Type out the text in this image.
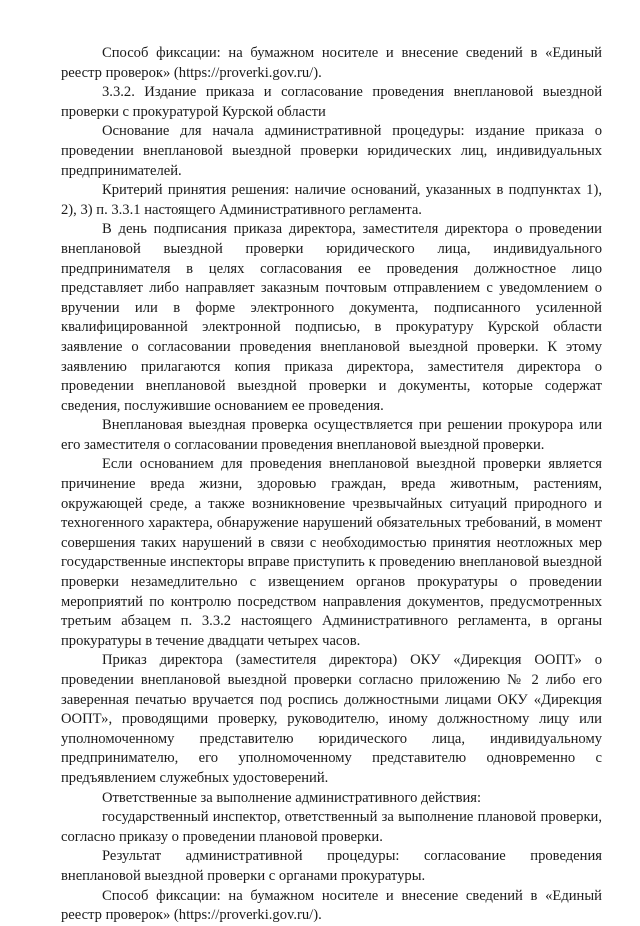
Способ фиксации: на бумажном носителе и внесение сведений в «Единый реестр проверок» (https://proverki.gov.ru/).

3.3.2. Издание приказа и согласование проведения внеплановой выездной проверки с прокуратурой Курской области

Основание для начала административной процедуры: издание приказа о проведении внеплановой выездной проверки юридических лиц, индивидуальных предпринимателей.

Критерий принятия решения: наличие оснований, указанных в подпунктах 1), 2), 3) п. 3.3.1 настоящего Административного регламента.

В день подписания приказа директора, заместителя директора о проведении внеплановой выездной проверки юридического лица, индивидуального предпринимателя в целях согласования ее проведения должностное лицо представляет либо направляет заказным почтовым отправлением с уведомлением о вручении или в форме электронного документа, подписанного усиленной квалифицированной электронной подписью, в прокуратуру Курской области заявление о согласовании проведения внеплановой выездной проверки. К этому заявлению прилагаются копия приказа директора, заместителя директора о проведении внеплановой выездной проверки и документы, которые содержат сведения, послужившие основанием ее проведения.

Внеплановая выездная проверка осуществляется при решении прокурора или его заместителя о согласовании проведения внеплановой выездной проверки.

Если основанием для проведения внеплановой выездной проверки является причинение вреда жизни, здоровью граждан, вреда животным, растениям, окружающей среде, а также возникновение чрезвычайных ситуаций природного и техногенного характера, обнаружение нарушений обязательных требований, в момент совершения таких нарушений в связи с необходимостью принятия неотложных мер государственные инспекторы вправе приступить к проведению внеплановой выездной проверки незамедлительно с извещением органов прокуратуры о проведении мероприятий по контролю посредством направления документов, предусмотренных третьим абзацем п. 3.3.2 настоящего Административного регламента, в органы прокуратуры в течение двадцати четырех часов.

Приказ директора (заместителя директора) ОКУ «Дирекция ООПТ» о проведении внеплановой выездной проверки согласно приложению № 2 либо его заверенная печатью вручается под роспись должностными лицами ОКУ «Дирекция ООПТ», проводящими проверку, руководителю, иному должностному лицу или уполномоченному представителю юридического лица, индивидуальному предпринимателю, его уполномоченному представителю одновременно с предъявлением служебных удостоверений.

Ответственные за выполнение административного действия:

государственный инспектор, ответственный за выполнение плановой проверки, согласно приказу о проведении плановой проверки.

Результат административной процедуры: согласование проведения внеплановой выездной проверки с органами прокуратуры.

Способ фиксации: на бумажном носителе и внесение сведений в «Единый реестр проверок» (https://proverki.gov.ru/).
